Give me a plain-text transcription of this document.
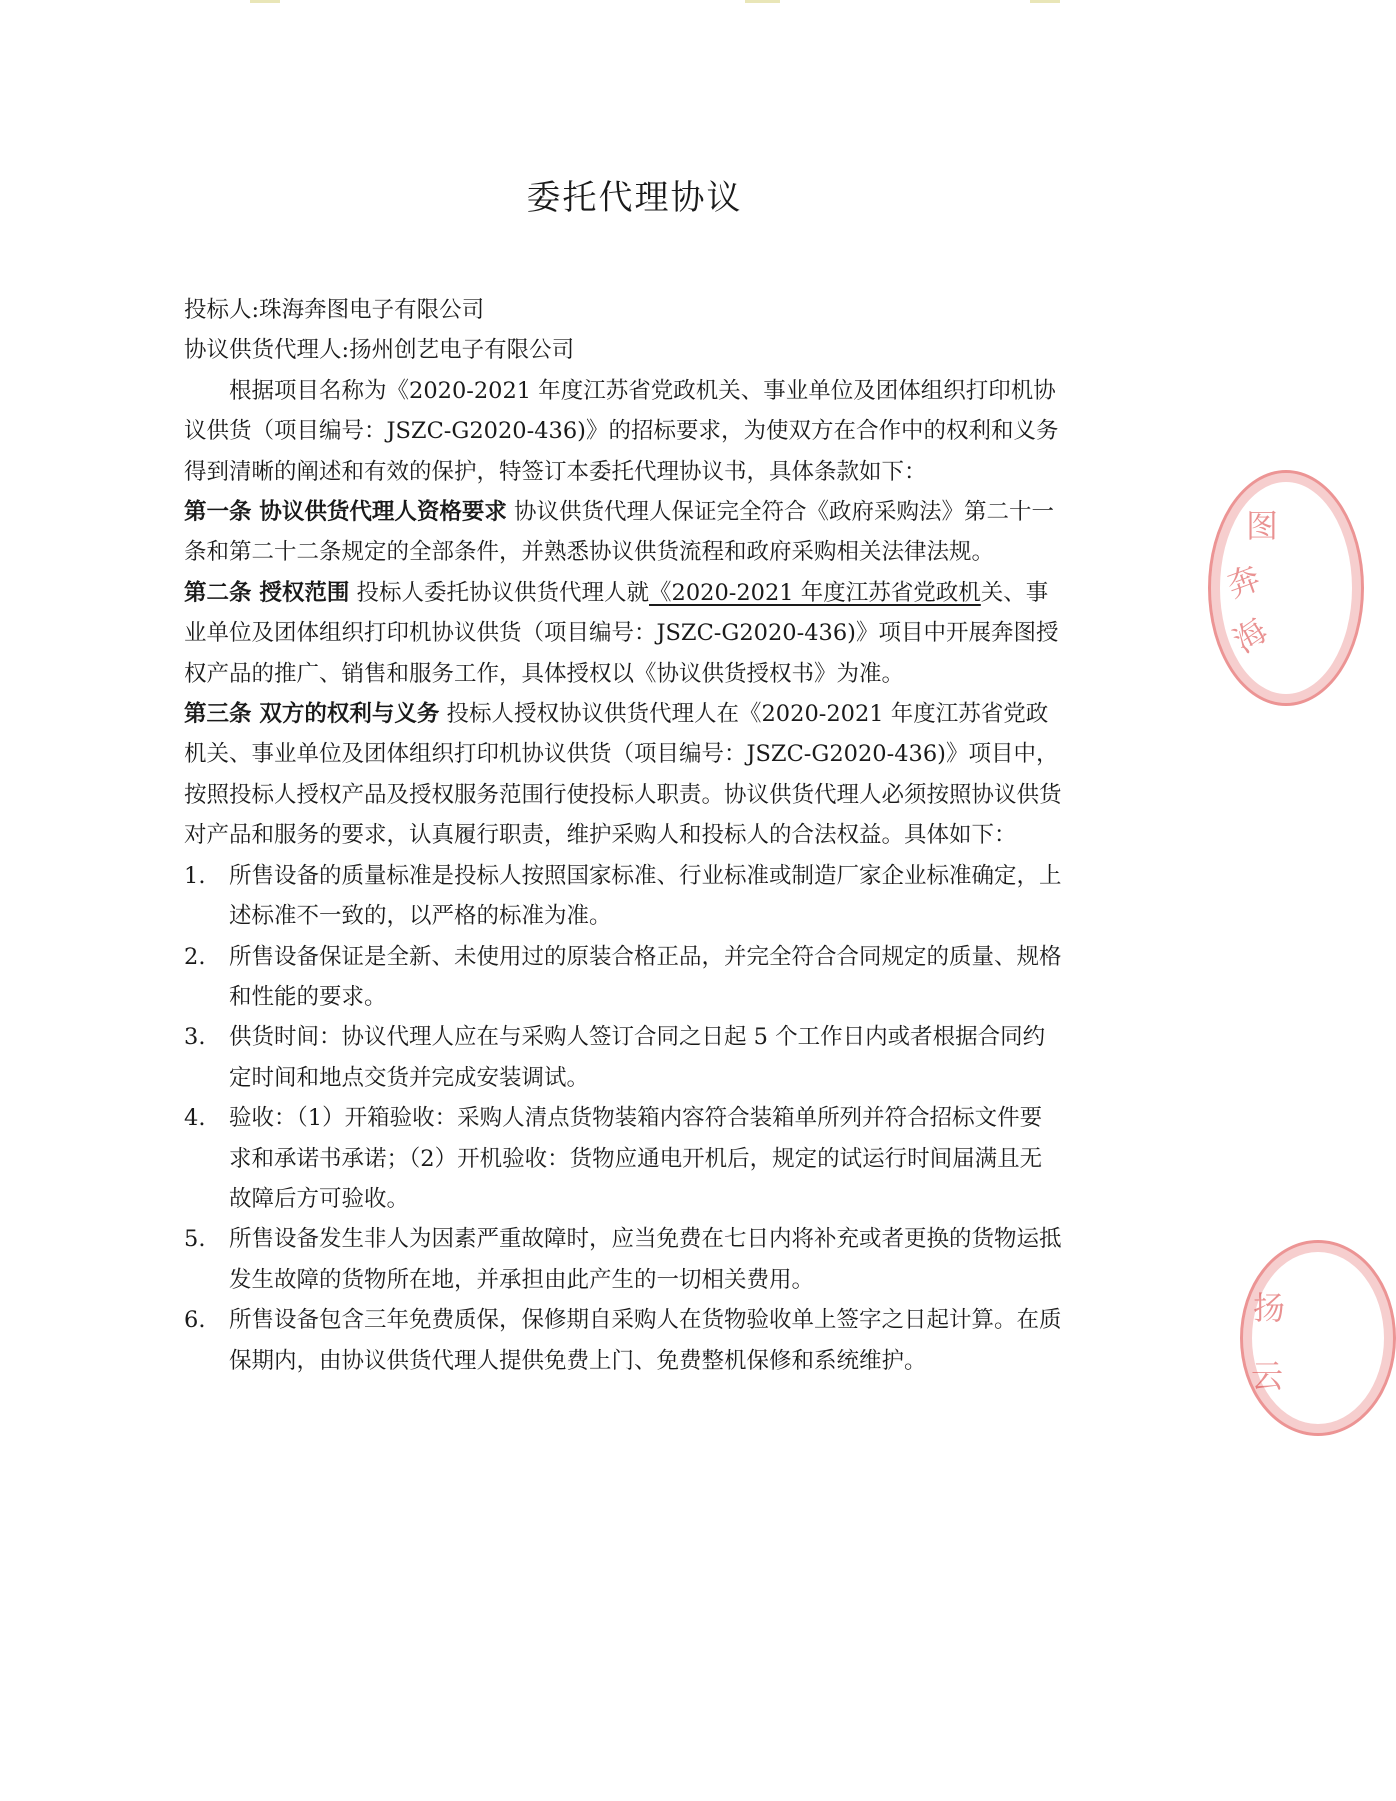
委托代理协议

投标人:珠海奔图电子有限公司

协议供货代理人:扬州创艺电子有限公司

根据项目名称为《2020-2021 年度江苏省党政机关、事业单位及团体组织打印机协议供货（项目编号：JSZC-G2020-436)》的招标要求，为使双方在合作中的权利和义务得到清晰的阐述和有效的保护，特签订本委托代理协议书，具体条款如下：

第一条 协议供货代理人资格要求 协议供货代理人保证完全符合《政府采购法》第二十一条和第二十二条规定的全部条件，并熟悉协议供货流程和政府采购相关法律法规。

第二条 授权范围 投标人委托协议供货代理人就《2020-2021 年度江苏省党政机关、事业单位及团体组织打印机协议供货（项目编号：JSZC-G2020-436)》项目中开展奔图授权产品的推广、销售和服务工作，具体授权以《协议供货授权书》为准。

第三条 双方的权利与义务 投标人授权协议供货代理人在《2020-2021 年度江苏省党政机关、事业单位及团体组织打印机协议供货（项目编号：JSZC-G2020-436)》项目中，按照投标人授权产品及授权服务范围行使投标人职责。协议供货代理人必须按照协议供货对产品和服务的要求，认真履行职责，维护采购人和投标人的合法权益。具体如下：

1. 所售设备的质量标准是投标人按照国家标准、行业标准或制造厂家企业标准确定，上述标准不一致的，以严格的标准为准。

2. 所售设备保证是全新、未使用过的原装合格正品，并完全符合合同规定的质量、规格和性能的要求。

3. 供货时间：协议代理人应在与采购人签订合同之日起 5 个工作日内或者根据合同约定时间和地点交货并完成安装调试。

4. 验收：（1）开箱验收：采购人清点货物装箱内容符合装箱单所列并符合招标文件要求和承诺书承诺；（2）开机验收：货物应通电开机后，规定的试运行时间届满且无故障后方可验收。

5. 所售设备发生非人为因素严重故障时，应当免费在七日内将补充或者更换的货物运抵发生故障的货物所在地，并承担由此产生的一切相关费用。

6. 所售设备包含三年免费质保，保修期自采购人在货物验收单上签字之日起计算。在质保期内，由协议供货代理人提供免费上门、免费整机保修和系统维护。

图
奔
海
扬
云
